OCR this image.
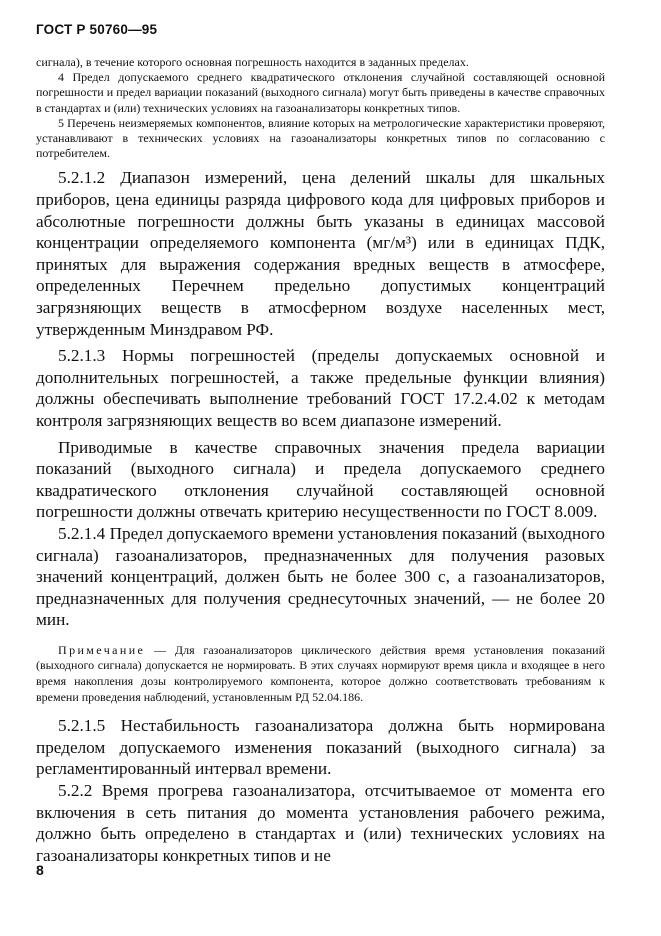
ГОСТ Р 50760—95

сигнала), в течение которого основная погрешность находится в заданных пределах.

4 Предел допускаемого среднего квадратического отклонения случайной составляющей основной погрешности и предел вариации показаний (выходного сигнала) могут быть приведены в качестве справочных в стандартах и (или) технических условиях на газоанализаторы конкретных типов.

5 Перечень неизмеряемых компонентов, влияние которых на метрологические характеристики проверяют, устанавливают в технических условиях на газоанализаторы конкретных типов по согласованию с потребителем.

5.2.1.2 Диапазон измерений, цена делений шкалы для шкальных приборов, цена единицы разряда цифрового кода для цифровых приборов и абсолютные погрешности должны быть указаны в единицах массовой концентрации определяемого компонента (мг/м³) или в единицах ПДК, принятых для выражения содержания вредных веществ в атмосфере, определенных Перечнем предельно допустимых концентраций загрязняющих веществ в атмосферном воздухе населенных мест, утвержденным Минздравом РФ.

5.2.1.3 Нормы погрешностей (пределы допускаемых основной и дополнительных погрешностей, а также предельные функции влияния) должны обеспечивать выполнение требований ГОСТ 17.2.4.02 к методам контроля загрязняющих веществ во всем диапазоне измерений.

Приводимые в качестве справочных значения предела вариации показаний (выходного сигнала) и предела допускаемого среднего квадратического отклонения случайной составляющей основной погрешности должны отвечать критерию несущественности по ГОСТ 8.009.

5.2.1.4 Предел допускаемого времени установления показаний (выходного сигнала) газоанализаторов, предназначенных для получения разовых значений концентраций, должен быть не более 300 с, а газоанализаторов, предназначенных для получения среднесуточных значений, — не более 20 мин.

Примечание — Для газоанализаторов циклического действия время установления показаний (выходного сигнала) допускается не нормировать. В этих случаях нормируют время цикла и входящее в него время накопления дозы контролируемого компонента, которое должно соответствовать требованиям к времени проведения наблюдений, установленным РД 52.04.186.

5.2.1.5 Нестабильность газоанализатора должна быть нормирована пределом допускаемого изменения показаний (выходного сигнала) за регламентированный интервал времени.

5.2.2 Время прогрева газоанализатора, отсчитываемое от момента его включения в сеть питания до момента установления рабочего режима, должно быть определено в стандартах и (или) технических условиях на газоанализаторы конкретных типов и не

8
